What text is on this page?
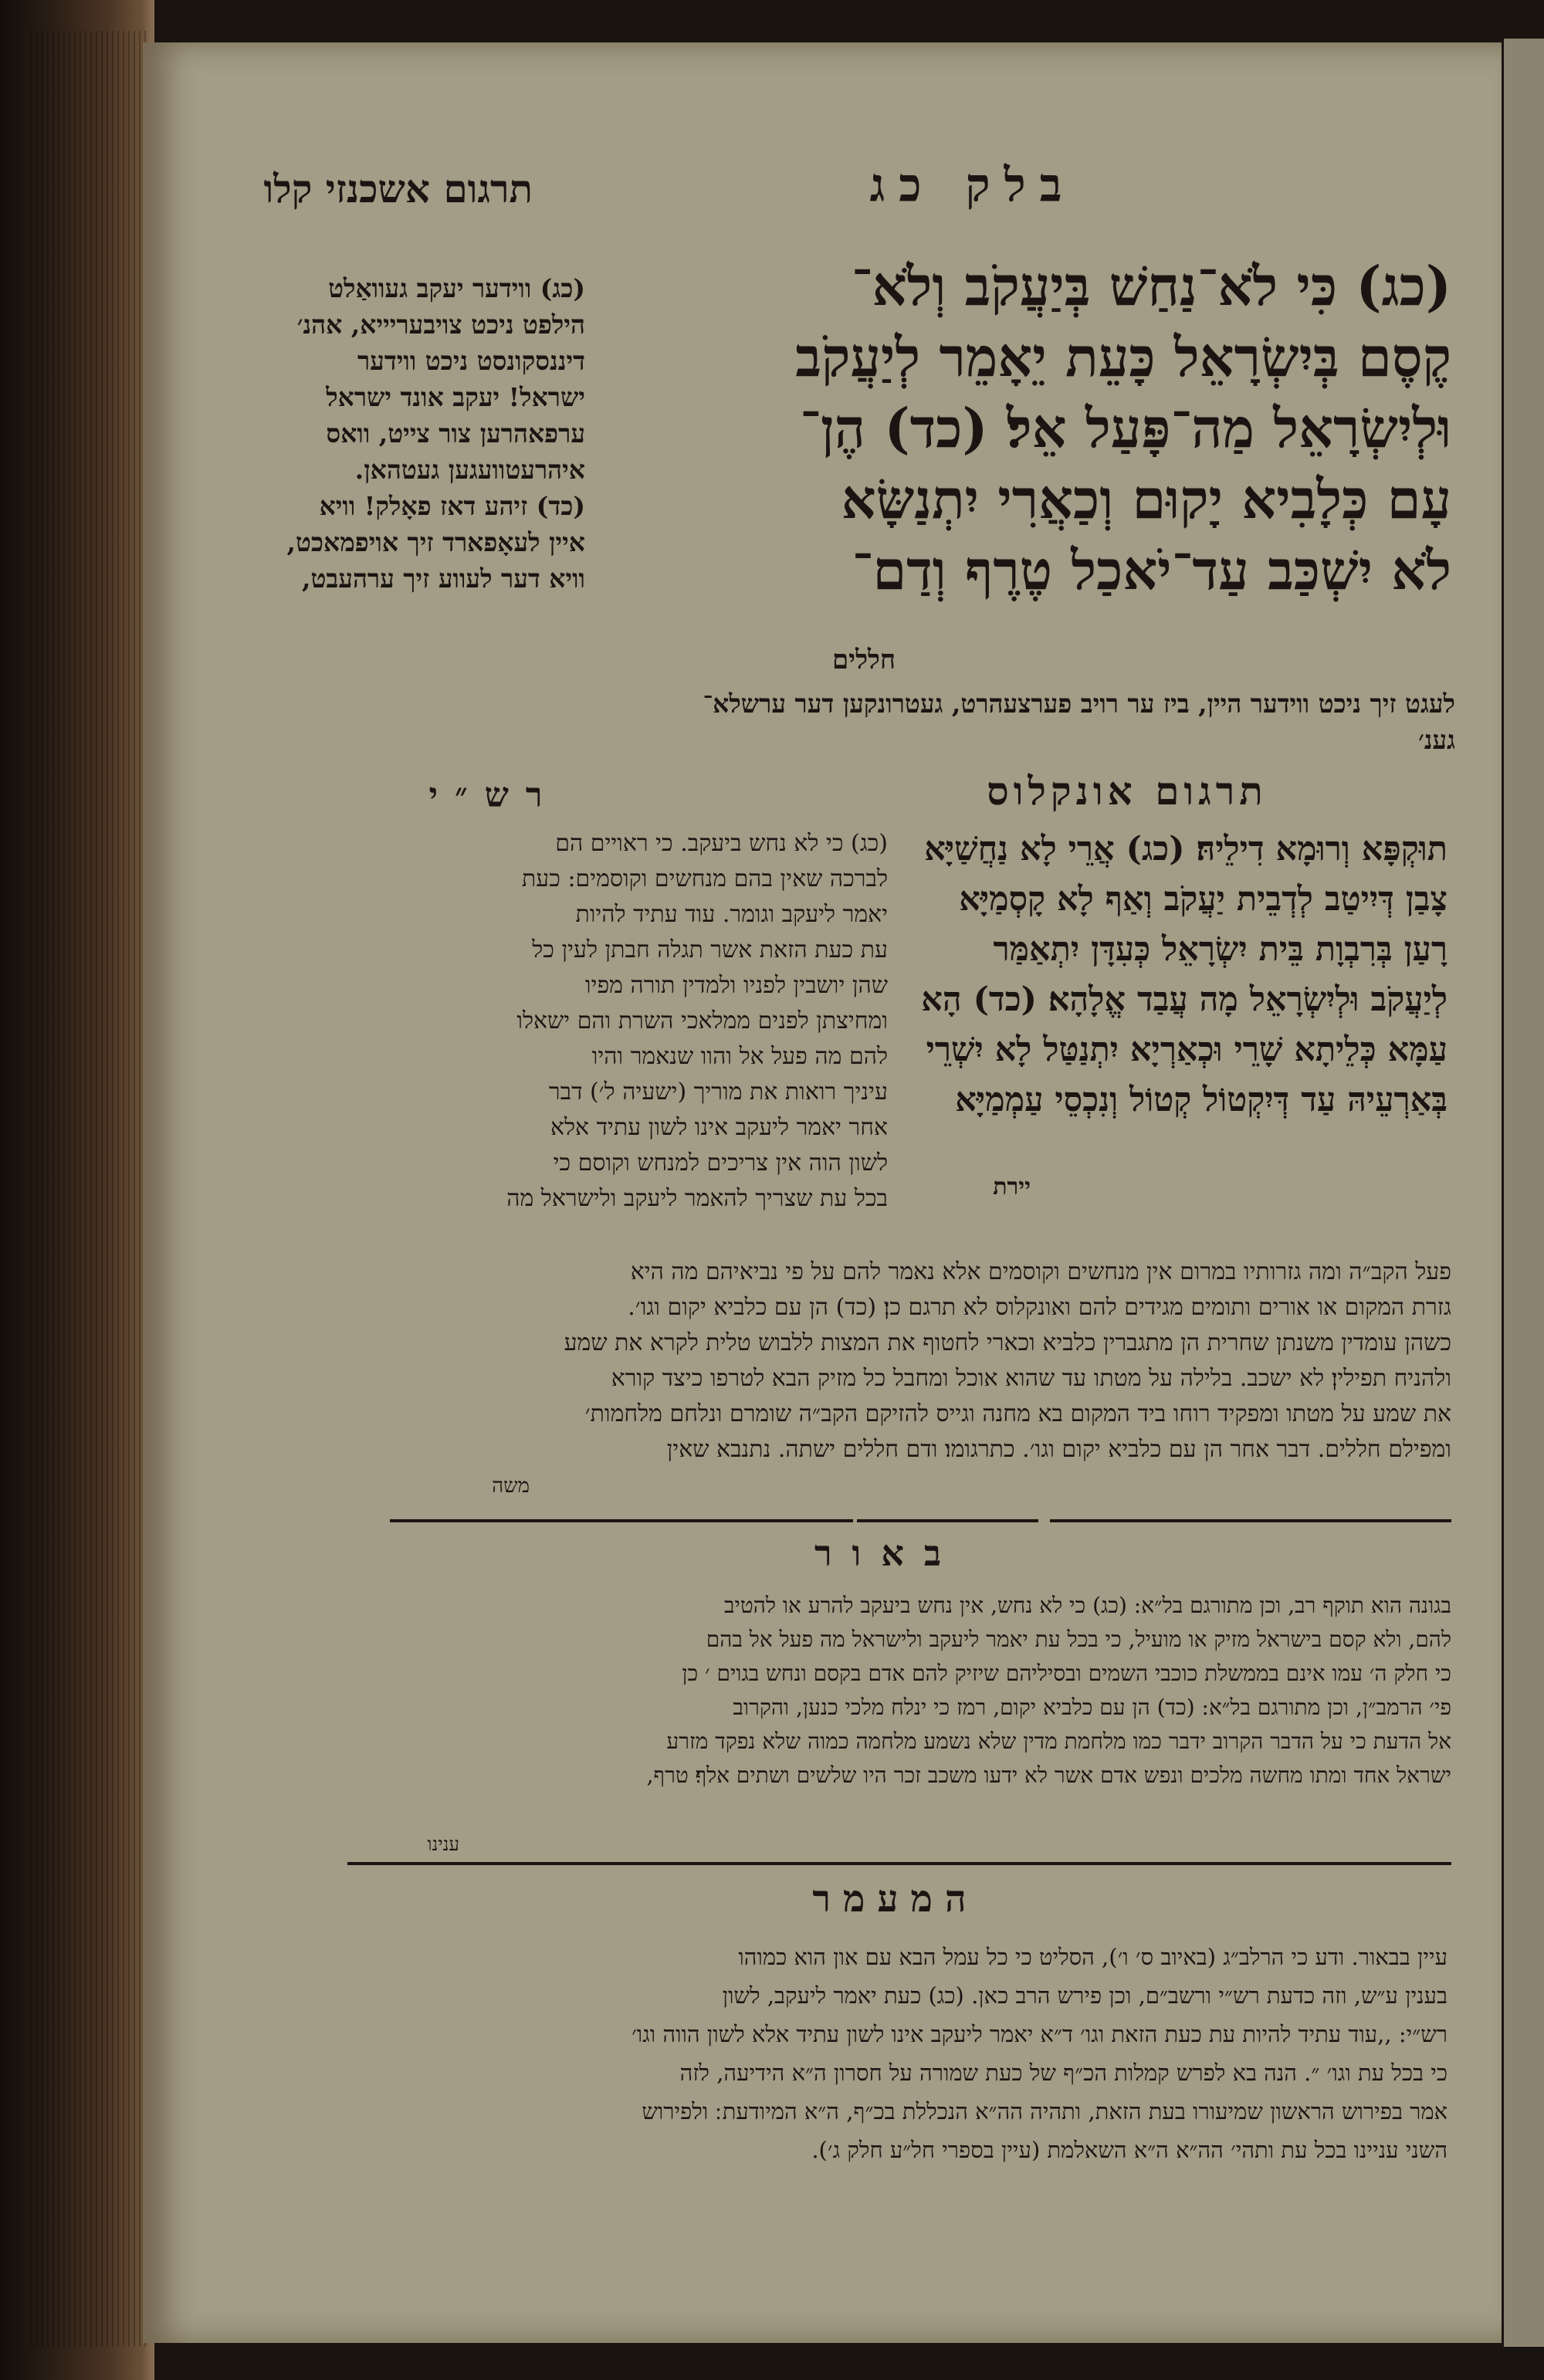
תרגום אשכנזי קלו	בלק כג

(כג) כִּי לֹא־נַחַשׁ בְּיַעֲקֹב וְלֹא־

קֶסֶם בְּיִשְׂרָאֵל כָּעֵת יֵאָמֵר לְיַעֲקֹב

וּלְיִשְׂרָאֵל מַה־פָּעַל אֵל׃ (כד) הֶן־

עָם כְּלָבִיא יָקוּם וְכַאֲרִי יִתְנַשָּׂא

לֹא יִשְׁכַּב עַד־יֹאכַל טֶרֶף וְדַם־

חללים

(כג) ווידער יעקב געוואַלט

הילפט ניכט צויבעריייא, אהנ׳

דיננסקונסט ניכט ווידער

ישראל! יעקב אונד ישראל

ערפאהרען צור צייט, וואס

איהרעטוועגען געטהאן.

(כד) זיהע דאז פאָלק! וויא

איין לעאָפארד זיך אויפמאכט,

וויא דער לעווע זיך ערהעבט,

לעגט זיך ניכט ווידער היין, ביז ער רויב פערצעהרט, געטרונקען דער ערשלא־

גענ׳

תרגום אונקלוס
רש״י

תוּקְפָּא וְרוּמָא דִילֵיהּ׃ (כג) אֲרֵי לָא נַחֲשַׁיָּא

צָבַן דְּיִיטַב לְדְבֵית יַעֲקֹב וְאַף לָא קָסְמַיָּא

רָעַן בְּרִבְוָת בֵּית יִשְׂרָאֵל כְּעִדָּן יִתְאַמַּר

לְיַעֲקֹב וּלְיִשְׂרָאֵל מָה עֲבַד אֱלָהָא׃ (כד) הָא

עַמָּא כְּלֵיתָא שָׁרֵי וּכְאַרְיָא יִתְנַטַּל לָא יִשְׁרֵי

בְּאַרְעֵיהּ עַד דְּיִקְטוֹל קְטוֹל וְנִכְסֵי עַמְמַיָּא

יירת

(כג) כי לא נחש ביעקב. כי ראויים הם

לברכה שאין בהם מנחשים וקוסמים: כעת

יאמר ליעקב וגומר. עוד עתיד להיות

עת כעת הזאת אשר תגלה חבתן לעין כל

שהן יושבין לפניו ולמדין תורה מפיו

ומחיצתן לפנים ממלאכי השרת והם ישאלו

להם מה פעל אל והוו שנאמר והיו

עיניך רואות את מוריך (ישעיה ל׳) דבר

אחר יאמר ליעקב אינו לשון עתיד אלא

לשון הוה אין צריכים למנחש וקוסם כי

בכל עת שצריך להאמר ליעקב ולישראל מה

פעל הקב״ה ומה גזרותיו במרום אין מנחשים וקוסמים אלא נאמר להם על פי נביאיהם מה היא

גזרת המקום או אורים ותומים מגידים להם ואונקלוס לא תרגם כן׃ (כד) הן עם כלביא יקום וגו׳.

כשהן עומדין משנתן שחרית הן מתגברין כלביא וכארי לחטוף את המצות ללבוש טלית לקרא את שמע

ולהניח תפילין׃ לא ישכב. בלילה על מטתו עד שהוא אוכל ומחבל כל מזיק הבא לטרפו כיצד קורא

את שמע על מטתו ומפקיד רוחו ביד המקום בא מחנה וגייס להזיקם הקב״ה שומרם ונלחם מלחמות׳

ומפילם חללים. דבר אחר הן עם כלביא יקום וגו׳. כתרגומו׃ ודם חללים ישתה. נתנבא שאין

משה
באור

בגונה הוא תוקף רב, וכן מתורגם בל״א: (כג) כי לא נחש, אין נחש ביעקב להרע או להטיב

להם, ולא קסם בישראל מזיק או מועיל, כי בכל עת יאמר ליעקב ולישראל מה פעל אל בהם

כי חלק ה׳ עמו אינם בממשלת כוכבי השמים ובסיליהם שיזיק להם אדם בקסם ונחש בגוים ׳ כן

פי׳ הרמב״ן, וכן מתורגם בל״א: (כד) הן עם כלביא יקום, רמז כי ינלח מלכי כנען, והקרוב

אל הדעת כי על הדבר הקרוב ידבר כמו מלחמת מדין שלא נשמע מלחמה כמוה שלא נפקד מזרע

ישראל אחד ומתו מחשה מלכים ונפש אדם אשר לא ידעו משכב זכר היו שלשים ושתים אלף׃ טרף,

ענינו
המעמר

עיין בבאור. ודע כי הרלב״ג (באיוב ס׳ ו׳), הסליט כי כל עמל הבא עם און הוא כמוהו

בענין ע״ש, וזה כדעת רש״י ורשב״ם, וכן פירש הרב כאן. (כג) כעת יאמר ליעקב, לשון

רש״י: ,,עוד עתיד להיות עת כעת הזאת וגו׳ ד״א יאמר ליעקב אינו לשון עתיד אלא לשון הווה וגו׳

כי בכל עת וגו׳ ״. הנה בא לפרש קמלות הכ״ף של כעת שמורה על חסרון ה״א הידיעה, לזה

אמר בפירוש הראשון שמיעורו בעת הזאת, ותהיה הה״א הנכללת בכ״ף, ה״א המיודעת ׃ ולפירוש

השני עניינו בכל עת ותהי׳ הה״א ה״א השאלמת (עיין בספרי חל״ע חלק ג׳).
